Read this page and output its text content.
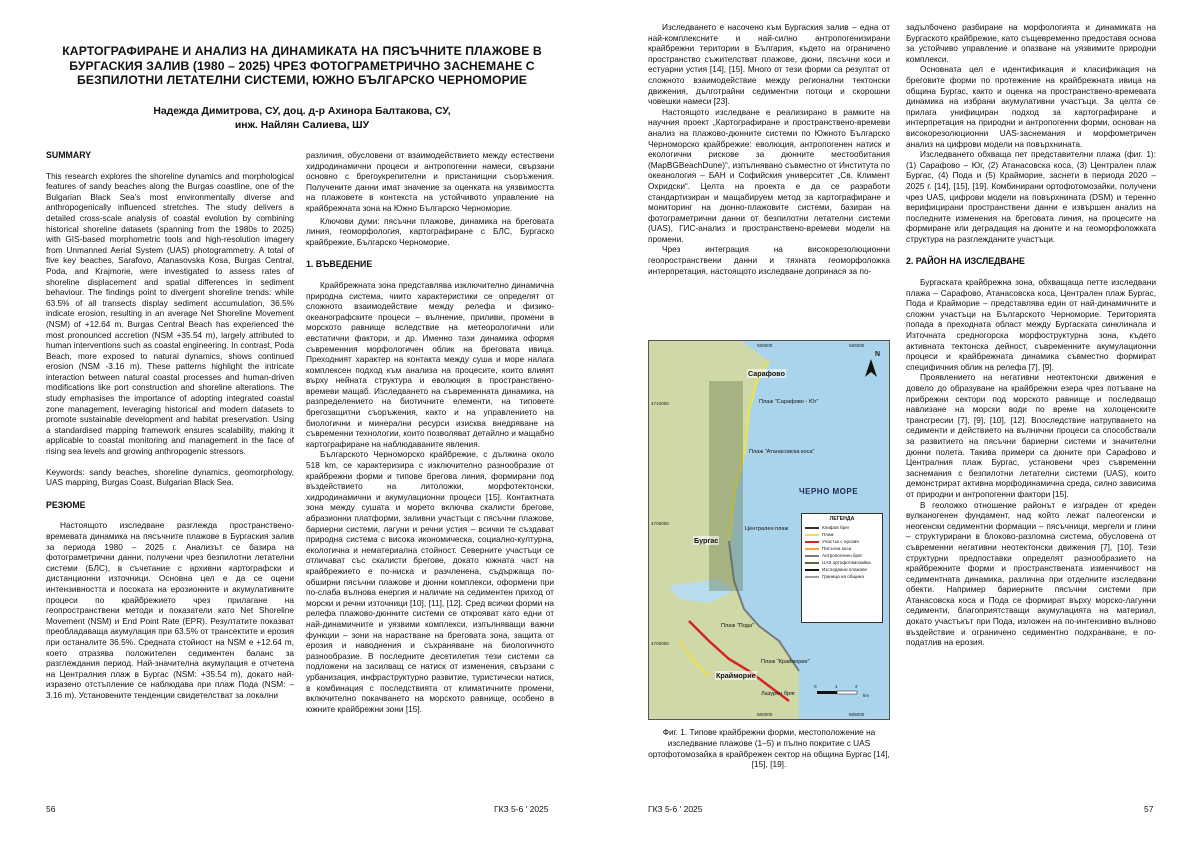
КАРТОГРАФИРАНЕ И АНАЛИЗ НА ДИНАМИКАТА НА ПЯСЪЧНИТЕ ПЛАЖОВЕ В БУРГАСКИЯ ЗАЛИВ (1980 – 2025) ЧРЕЗ ФОТОГРАМЕТРИЧНО ЗАСНЕМАНЕ С БЕЗПИЛОТНИ ЛЕТАТЕЛНИ СИСТЕМИ, ЮЖНО БЪЛГАРСКО ЧЕРНОМОРИЕ
Надежда Димитрова, СУ, доц. д-р Ахинора Балтакова, СУ,
инж. Найлян Салиева, ШУ
SUMMARY

This research explores the shoreline dynamics and morphological features of sandy beaches along the Burgas coastline, one of the Bulgarian Black Sea’s most environmentally diverse and anthropogenically influenced stretches. The study delivers a detailed cross-scale analysis of coastal evolution by combining historical shoreline datasets (spanning from the 1980s to 2025) with GIS-based morphometric tools and high-resolution imagery from Unmanned Aerial System (UAS) photogrammetry. A total of five key beaches, Sarafovo, Atanasovska Kosa, Burgas Central, Poda, and Krajmorie, were investigated to assess rates of shoreline displacement and spatial differences in sediment behaviour. The findings point to divergent shoreline trends: while 63.5% of all transects display sediment accumulation, 36.5% indicate erosion, resulting in an average Net Shoreline Movement (NSM) of +12.64 m. Burgas Central Beach has experienced the most pronounced accretion (NSM +35.54 m), largely attributed to human interventions such as coastal engineering. In contrast, Poda Beach, more exposed to natural dynamics, shows continued erosion (NSM -3.16 m). These patterns highlight the intricate interaction between natural coastal processes and human-driven modifications like port construction and shoreline alterations. The study emphasises the importance of adopting integrated coastal zone management, leveraging historical and modern datasets to promote sustainable development and habitat preservation. Using a standardised mapping framework ensures scalability, making it applicable to coastal monitoring and management in the face of rising sea levels and growing anthropogenic stressors.

Keywords: sandy beaches, shoreline dynamics, geomorphology, UAS mapping, Burgas Coast, Bulgarian Black Sea.

РЕЗЮМЕ

Настоящото изследване разглежда пространствено-времевата динамика на пясъчните плажове в Бургаския залив за периода 1980 – 2025 г. Анализът се базира на фотограметрични данни, получени чрез безпилотни летателни системи (БЛС), в съчетание с архивни картографски и дистанционни източници. Основна цел е да се оцени интензивността и посоката на ерозионните и акумулативните процеси по крайбрежието чрез прилагане на геопространствени методи и показатели като Net Shoreline Movement (NSM) и End Point Rate (EPR). Резултатите показват преобладаваща акумулация при 63.5% от трансектите и ерозия при останалите 36.5%. Средната стойност на NSM е +12.64 m, което отразява положителен седиментен баланс за разглеждания период. Най-значителна акумулация е отчетена на Централния плаж в Бургас (NSM: +35.54 m), докато най-изразено отстъпление се наблюдава при плаж Пода (NSM: –3.16 m). Установените тенденции свидетелстват за локални

различия, обусловени от взаимодействието между естествени хидродинамични процеси и антропогенни намеси, свързани основно с брегоукрепителни и пристанищни съоръжения. Получените данни имат значение за оценката на уязвимостта на плажовете в контекста на устойчивото управление на крайбрежната зона на Южно Българско Черноморие.

Ключови думи: пясъчни плажове, динамика на бреговата линия, геоморфология, картографиране с БЛС, Бургаско крайбрежие, Българско Черноморие.

1. ВЪВЕДЕНИЕ

Крайбрежната зона представлява изключително динамична природна система, чиито характеристики се определят от сложното взаимодействие между релефа и физико-океанографските процеси – вълнение, приливи, промени в морското равнище вследствие на метеорологични или евстатични фактори, и др. Именно тази динамика оформя съвременния морфологичен облик на бреговата ивица. Преходният характер на контакта между суша и море налага комплексен подход към анализа на процесите, които влияят върху нейната структура и еволюция в пространствено-времеви мащаб. Изследването на съвременната динамика, на разпределението на биотичните елементи, на типовете брегозащитни съоръжения, както и на управлението на биологични и минерални ресурси изисква внедряване на съвременни технологии, които позволяват детайлно и мащабно картографиране на наблюдаваните явления.

Българското Черноморско крайбрежие, с дължина около 518 km, се характеризира с изключително разнообразие от крайбрежни форми и типове брегова линия, формирани под въздействието на литоложки, морфотектонски, хидродинамични и акумулационни процеси [15]. Контактната зона между сушата и морето включва скалисти брегове, абразионни платформи, заливни участъци с пясъчни плажове, бариерни системи, лагуни и речни устия – всички те създават природна система с висока икономическа, социално-културна, екологична и нематериална стойност. Северните участъци се отличават със скалисти брегове, докато южната част на крайбрежието е по-ниска и разчленена, съдържаща по-обширни пясъчни плажове и дюнни комплекси, оформени при по-слаба вълнова енергия и наличие на седиментен приход от морски и речни източници [10], [11], [12]. Сред всички форми на релефа плажово-дюнните системи се открояват като едни от най-динамичните и уязвими комплекси, изпълняващи важни функции – зони на нарастване на бреговата зона, защита от ерозия и наводнения и съхраняване на биологичното разнообразие. В последните десетилетия тези системи са подложени на засилващ се натиск от изменения, свързани с урбанизация, инфраструктурно развитие, туристически натиск, в комбинация с последствията от климатичните промени, включително покачването на морското равнище, особено в южните крайбрежни зони [15].

56	ГКЗ 5-6 ' 2025

Изследването е насочено към Бургаския залив – една от най-комплексните и най-силно антропогенизирани крайбрежни територии в България, където на ограничено пространство съжителстват плажове, дюни, пясъчни коси и естуарни устия [14], [15]. Много от тези форми са резултат от сложното взаимодействие между регионални тектонски движения, дълготрайни седиментни потоци и скорошни човешки намеси [23].

Настоящото изследване е реализирано в рамките на научния проект „Картографиране и пространствено-времеви анализ на плажово-дюнните системи по Южното Българско Черноморско крайбрежие: еволюция, антропогенен натиск и екологични рискове за дюнните местообитания (MapBGBeachDune)“, изпълнявано съвместно от Института по океанология – БАН и Софийския университет „Св. Климент Охридски“. Целта на проекта е да се разработи стандартизиран и мащабируем метод за картографиране и мониторинг на дюнно-плажовите системи, базиран на фотограметрични данни от безпилотни летателни системи (UAS), ГИС-анализ и пространствено-времеви модели на промени.

Чрез интеграция на високорезолюционни геопространствени данни и тяхната геоморфоложка интерпретация, настоящото изследване допринася за по-

задълбочено разбиране на морфологията и динамиката на Бургаското крайбрежие, като същевременно предоставя основа за устойчиво управление и опазване на уязвимите природни комплекси.

Основната цел е идентификация и класификация на бреговите форми по протежение на крайбрежната ивица на община Бургас, както и оценка на пространствено-времевата динамика на избрани акумулативни участъци. За целта се прилага унифициран подход за картографиране и интерпретация на природни и антропогенни форми, основан на високорезолюционни UAS-заснемания и морфометричен анализ на цифрови модели на повърхнината.

Изследването обхваща пет представителни плажа (фиг. 1): (1) Сарафово – Юг, (2) Атанасовска коса, (3) Централен плаж Бургас, (4) Пода и (5) Крайморие, заснети в периода 2020 – 2025 г. [14], [15], [19]. Комбинирани ортофотомозайки, получени чрез UAS, цифрови модели на повърхнината (DSM) и теренно верифицирани пространствени данни е извършен анализ на последните изменения на бреговата линия, на процесите на формиране или деградация на дюните и на геоморфоложката структура на разглежданите участъци.

2. РАЙОН НА ИЗСЛЕДВАНЕ

Бургаската крайбрежна зона, обхващаща петте изследвани плажа – Сарафово, Атанасовска коса, Централен плаж Бургас, Пода и Крайморие – представлява един от най-динамичните и сложни участъци на Българското Черноморие. Територията попада в преходната област между Бургаската синклинала и Източната средногорска морфоструктурна зона, където активната тектонска дейност, съвременните акумулационни процеси и крайбрежната динамика съвместно формират специфичния облик на релефа [7], [9].

Проявлението на негативни неотектонски движения е довело до образуване на крайбрежни езера чрез потъване на прибрежни сектори под морското равнище и последващо навлизане на морски води по време на холоценските трансгресии [7], [9], [10], [12]. Впоследствие натрупването на седименти и действието на вълнични процеси са способствали за развитието на пясъчни бариерни системи и значителни дюнни полета. Такива примери са дюните при Сарафово и Централния плаж Бургас, установени чрез съвременни заснемания с безпилотни летателни системи (UAS), които демонстрират активна морфодинамична среда, силно зависима от природни и антропогенни фактори [15].

В геоложко отношение районът е изграден от креден вулканогенен фундамент, над който лежат палеогенски и неогенски седиментни формации – пясъчници, мергели и глини – структурирани в блоково-разломна система, обусловена от съвременни негативни неотектонски движения [7], [10]. Тези структурни предпоставки определят разнообразието на крайбрежните форми и пространствената изменчивост на седиментната динамика, различна при отделните изследвани обекти. Например бариерните пясъчни системи при Атанасовска коса и Пода се формират върху морско-лагунни седименти, благоприятстващи акумулацията на материал, докато участъкът при Пода, изложен на по-интензивно вълново въздействие и ограничено седиментно подхранване, е по-податлив на ерозия.

ГКЗ 5-6 ' 2025	57
560000	565000
560000	565000
4710000
4705000
4700000
N
ЧЕРНО МОРЕ
Сарафово
Бургас
Крайморие
Плаж "Сарафово - Юг"
Плаж "Атанасовска коса"
Централен плаж
Плаж "Пода"
Плаж "Крайморие"
Лазурен бряг
0	1	2
km
ЛЕГЕНДА
Клифов бряг
Плаж
Участък с ерозия
Пясъчна коса
Антропогенен бряг
UAS ортофотомозайка
Изследвани плажове
Граница на община
Фиг. 1. Типове крайбрежни форми, местоположение на изследвание плажове (1–5) и пълно покритие с UAS ортофотомозайка в крайбрежен сектор на община Бургас [14], [15], [19].
